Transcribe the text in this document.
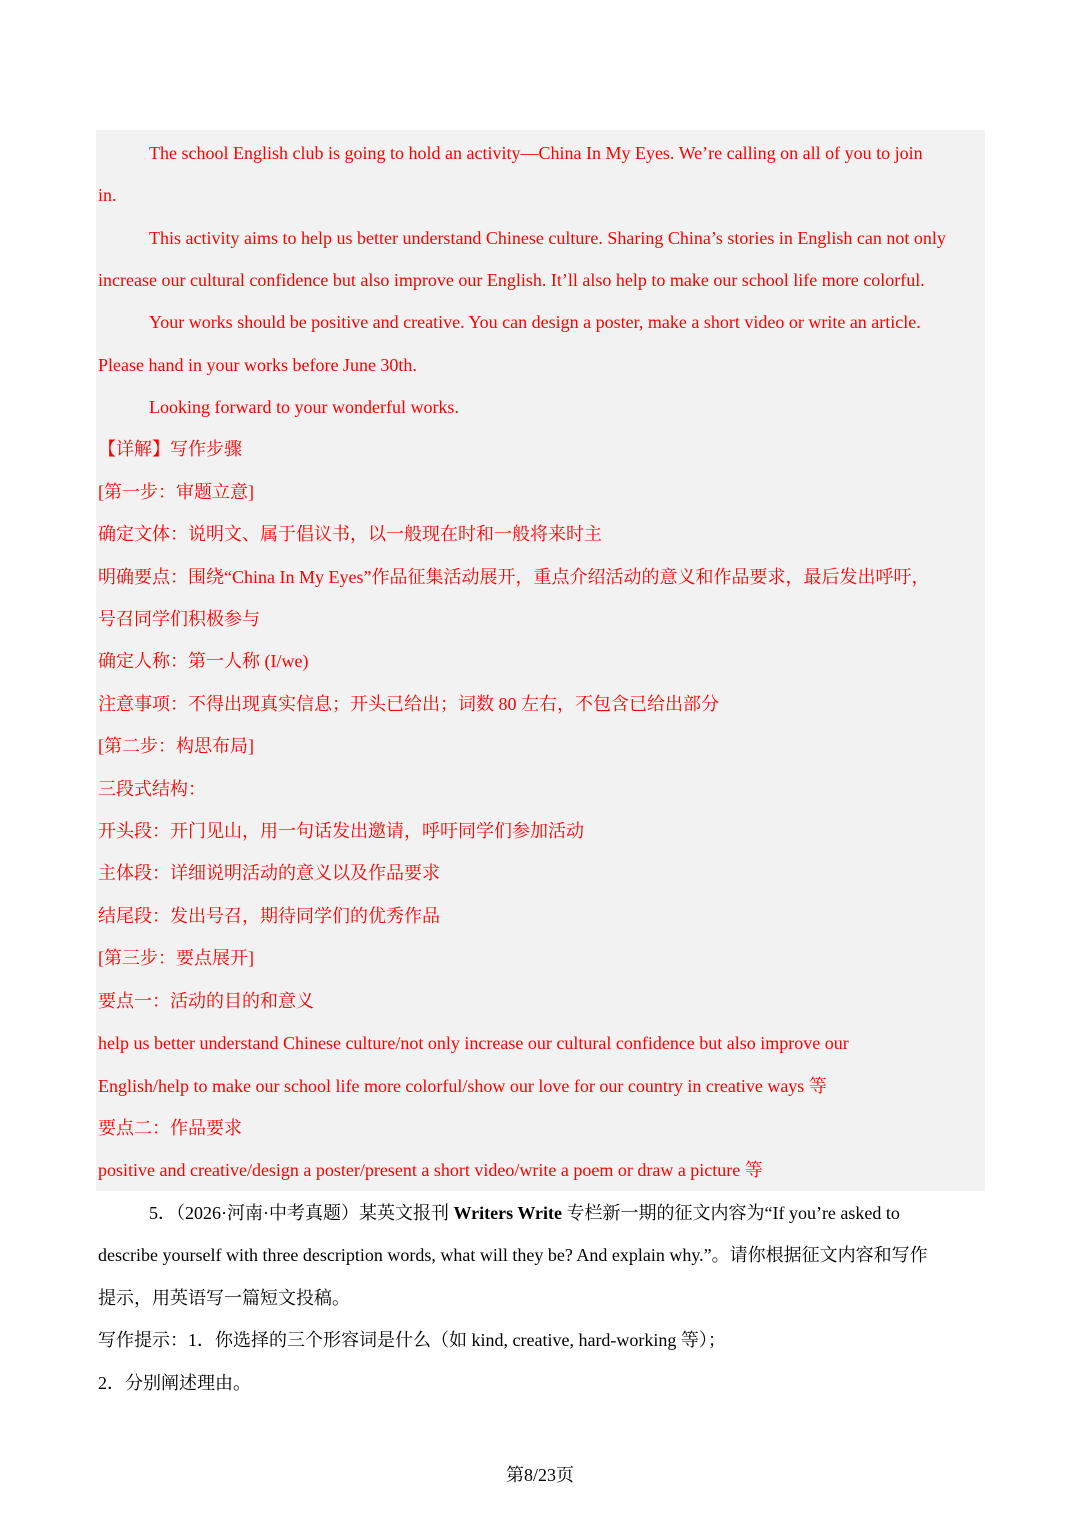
The school English club is going to hold an activity—China In My Eyes. We’re calling on all of you to join
in.
This activity aims to help us better understand Chinese culture. Sharing China’s stories in English can not only
increase our cultural confidence but also improve our English. It’ll also help to make our school life more colorful.
Your works should be positive and creative. You can design a poster, make a short video or write an article.
Please hand in your works before June 30th.
Looking forward to your wonderful works.
【详解】写作步骤
[第一步：审题立意]
确定文体：说明文、属于倡议书，以一般现在时和一般将来时主
明确要点：围绕“China In My Eyes”作品征集活动展开，重点介绍活动的意义和作品要求，最后发出呼吁，
号召同学们积极参与
确定人称：第一人称 (I/we)
注意事项：不得出现真实信息；开头已给出；词数 80 左右，不包含已给出部分
[第二步：构思布局]
三段式结构：
开头段：开门见山，用一句话发出邀请，呼吁同学们参加活动
主体段：详细说明活动的意义以及作品要求
结尾段：发出号召，期待同学们的优秀作品
[第三步：要点展开]
要点一：活动的目的和意义
help us better understand Chinese culture/not only increase our cultural confidence but also improve our
English/help to make our school life more colorful/show our love for our country in creative ways 等
要点二：作品要求
positive and creative/design a poster/present a short video/write a poem or draw a picture 等
5．（2026·河南·中考真题）某英文报刊 Writers Write 专栏新一期的征文内容为“If you’re asked to
describe yourself with three description words, what will they be? And explain why.”。请你根据征文内容和写作
提示，用英语写一篇短文投稿。
写作提示：1．你选择的三个形容词是什么（如 kind, creative, hard-working 等）；
2．分别阐述理由。
第8/23页
